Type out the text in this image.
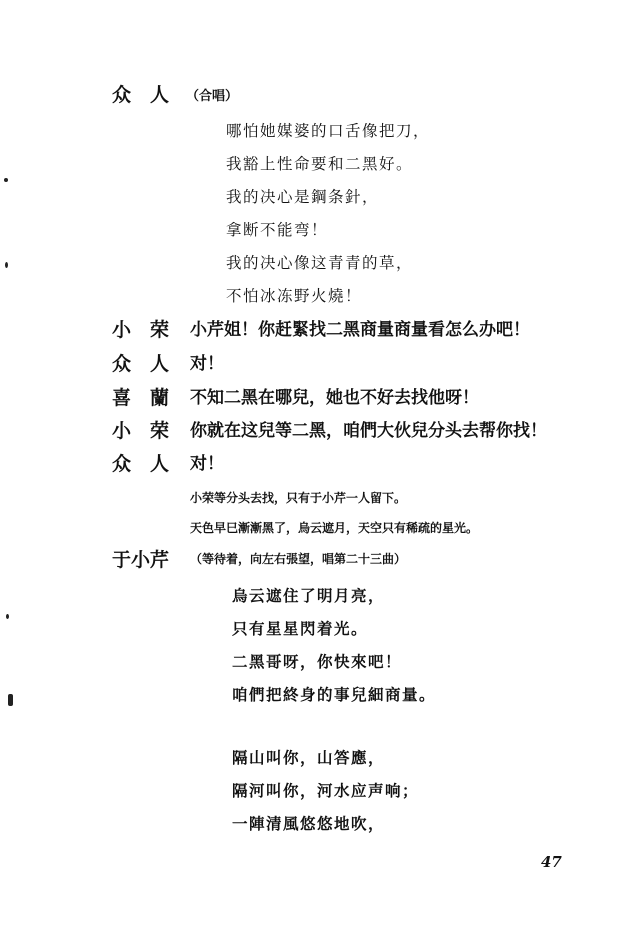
众　人 （合唱）
哪怕她媒婆的口舌像把刀，
我豁上性命要和二黑好。
我的决心是鋼条針，
拿断不能弯！
我的决心像这青青的草，
不怕冰冻野火燒！
小　荣 小芹姐！你赶緊找二黑商量商量看怎么办吧！
众　人 对！
喜　蘭 不知二黑在哪兒，她也不好去找他呀！
小　荣 你就在这兒等二黑，咱們大伙兒分头去帮你找！
众　人 对！
小荣等分头去找，只有于小芹一人留下。
天色早巳漸漸黑了，烏云遮月，天空只有稀疏的星光。
于小芹 （等待着，向左右張望，唱第二十三曲）
烏云遮住了明月亮，
只有星星閃着光。
二黑哥呀，你快來吧！
咱們把終身的事兒細商量。
隔山叫你，山答應，
隔河叫你，河水应声响；
一陣清風悠悠地吹，
47
